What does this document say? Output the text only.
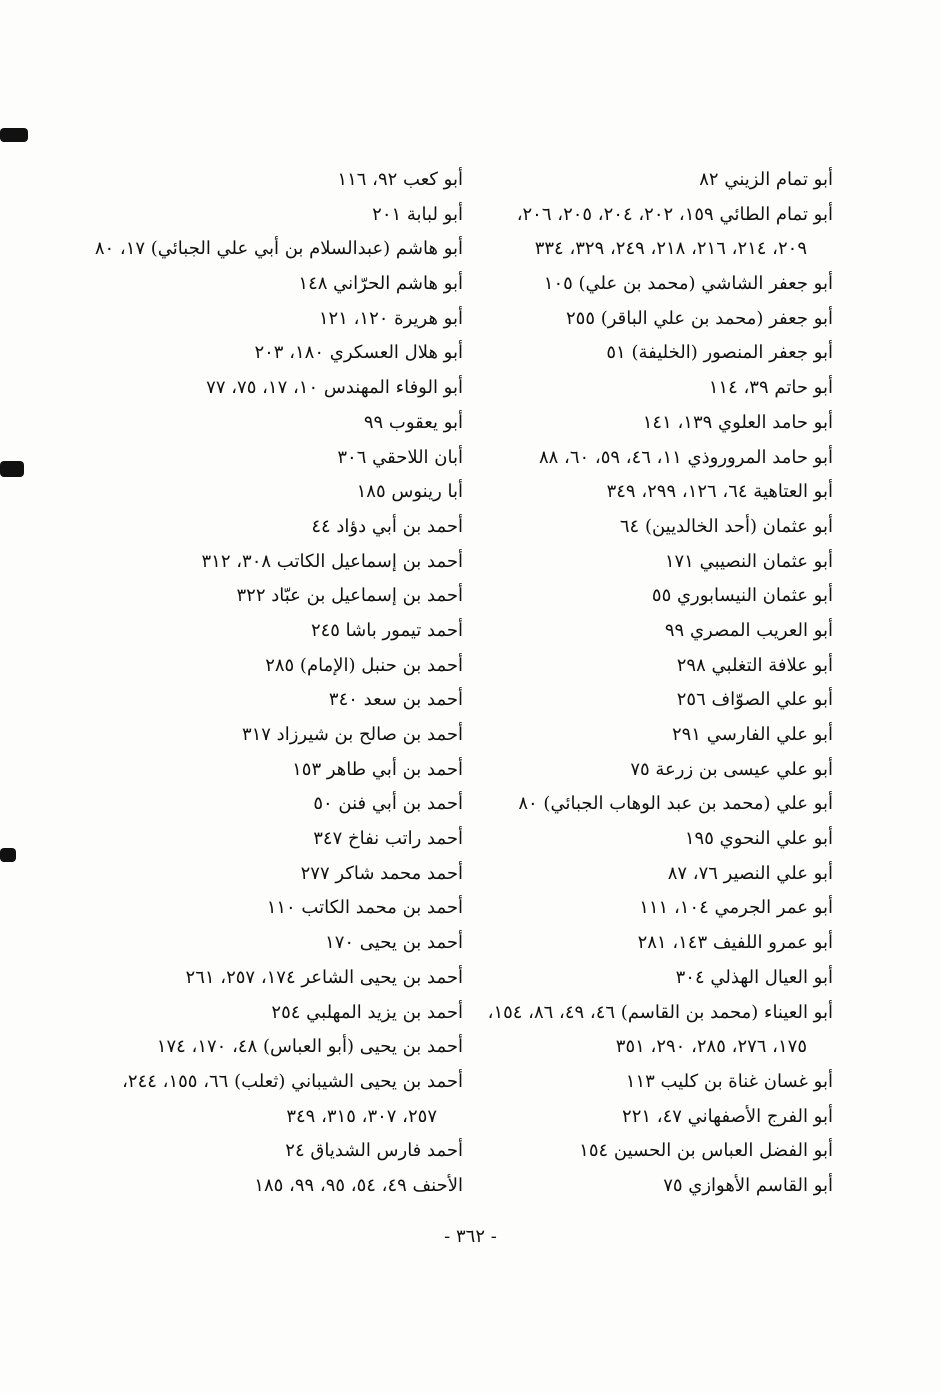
أبو تمام الزيني ٨٢
أبو تمام الطائي ١٥٩، ٢٠٢، ٢٠٤، ٢٠٥، ٢٠٦،
٢٠٩، ٢١٤، ٢١٦، ٢١٨، ٢٤٩، ٣٢٩، ٣٣٤
أبو جعفر الشاشي (محمد بن علي) ١٠٥
أبو جعفر (محمد بن علي الباقر) ٢٥٥
أبو جعفر المنصور (الخليفة) ٥١
أبو حاتم ٣٩، ١١٤
أبو حامد العلوي ١٣٩، ١٤١
أبو حامد المروروذي ١١، ٤٦، ٥٩، ٦٠، ٨٨
أبو العتاهية ٦٤، ١٢٦، ٢٩٩، ٣٤٩
أبو عثمان (أحد الخالديين) ٦٤
أبو عثمان النصيبي ١٧١
أبو عثمان النيسابوري ٥٥
أبو العريب المصري ٩٩
أبو علافة التغلبي ٢٩٨
أبو علي الصوّاف ٢٥٦
أبو علي الفارسي ٢٩١
أبو علي عيسى بن زرعة ٧٥
أبو علي (محمد بن عبد الوهاب الجبائي) ٨٠
أبو علي النحوي ١٩٥
أبو علي النصير ٧٦، ٨٧
أبو عمر الجرمي ١٠٤، ١١١
أبو عمرو اللفيف ١٤٣، ٢٨١
أبو العيال الهذلي ٣٠٤
أبو العيناء (محمد بن القاسم) ٤٦، ٤٩، ٨٦، ١٥٤،
١٧٥، ٢٧٦، ٢٨٥، ٢٩٠، ٣٥١
أبو غسان غناة بن كليب ١١٣
أبو الفرج الأصفهاني ٤٧، ٢٢١
أبو الفضل العباس بن الحسين ١٥٤
أبو القاسم الأهوازي ٧٥
أبو كعب ٩٢، ١١٦
أبو لبابة ٢٠١
أبو هاشم (عبدالسلام بن أبي علي الجبائي) ١٧، ٨٠
أبو هاشم الحرّاني ١٤٨
أبو هريرة ١٢٠، ١٢١
أبو هلال العسكري ١٨٠، ٢٠٣
أبو الوفاء المهندس ١٠، ١٧، ٧٥، ٧٧
أبو يعقوب ٩٩
أبان اللاحقي ٣٠٦
أبا رينوس ١٨٥
أحمد بن أبي دؤاد ٤٤
أحمد بن إسماعيل الكاتب ٣٠٨، ٣١٢
أحمد بن إسماعيل بن عبّاد ٣٢٢
أحمد تيمور باشا ٢٤٥
أحمد بن حنبل (الإمام) ٢٨٥
أحمد بن سعد ٣٤٠
أحمد بن صالح بن شيرزاد ٣١٧
أحمد بن أبي طاهر ١٥٣
أحمد بن أبي فنن ٥٠
أحمد راتب نفاخ ٣٤٧
أحمد محمد شاكر ٢٧٧
أحمد بن محمد الكاتب ١١٠
أحمد بن يحيى ١٧٠
أحمد بن يحيى الشاعر ١٧٤، ٢٥٧، ٢٦١
أحمد بن يزيد المهلبي ٢٥٤
أحمد بن يحيى (أبو العباس) ٤٨، ١٧٠، ١٧٤
أحمد بن يحيى الشيباني (ثعلب) ٦٦، ١٥٥، ٢٤٤،
٢٥٧، ٣٠٧، ٣١٥، ٣٤٩
أحمد فارس الشدياق ٢٤
الأحنف ٤٩، ٥٤، ٩٥، ٩٩، ١٨٥
- ٣٦٢ -
